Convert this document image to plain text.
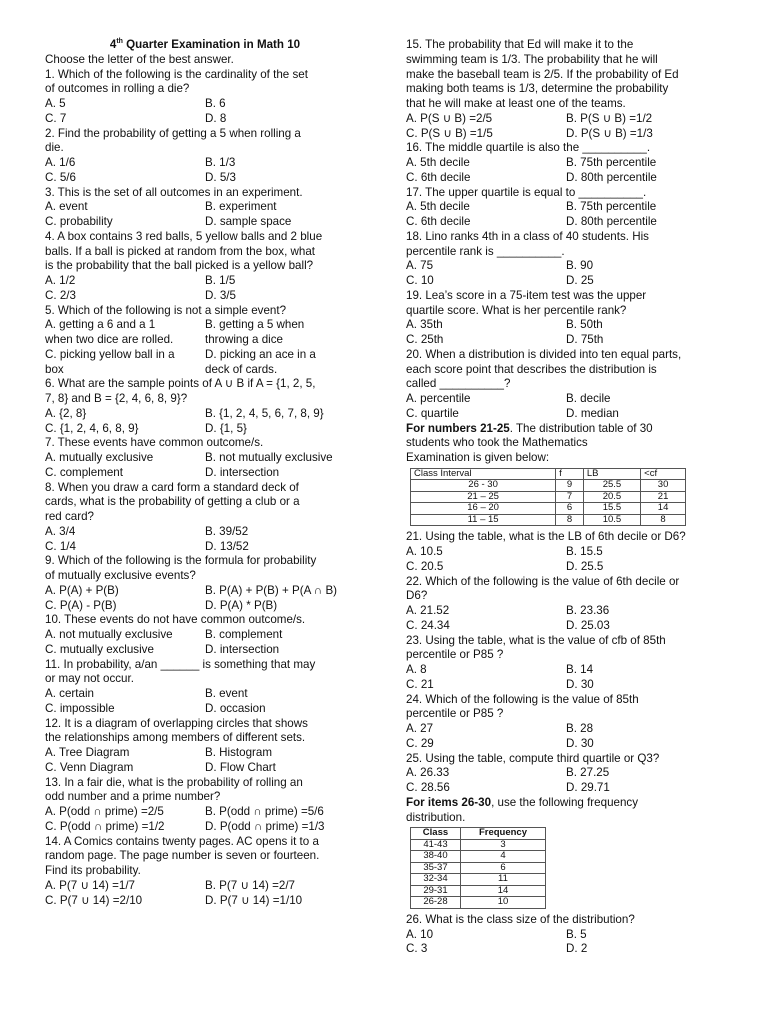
4th Quarter Examination in Math 10
Choose the letter of the best answer.
1. Which of the following is the cardinality of the set
of outcomes in rolling a die?
A. 5	B. 6
C. 7	D. 8
2. Find the probability of getting a 5 when rolling a
die.
A. 1/6	B. 1/3
C. 5/6	D. 5/3
3. This is the set of all outcomes in an experiment.
A. event	B. experiment
C. probability	D. sample space
4. A box contains 3 red balls, 5 yellow balls and 2 blue
balls. If a ball is picked at random from the box, what
is the probability that the ball picked is a yellow ball?
A. 1/2	B. 1/5
C. 2/3	D. 3/5
5. Which of the following is not a simple event?
A. getting a 6 and a 1	B. getting a 5 when
when two dice are rolled.	throwing a dice
C. picking yellow ball in a	D. picking an ace in a
box	deck of cards.
6. What are the sample points of A ∪ B if A = {1, 2, 5,
7, 8} and B = {2, 4, 6, 8, 9}?
A. {2, 8}	B. {1, 2, 4, 5, 6, 7, 8, 9}
C. {1, 2, 4, 6, 8, 9}	D. {1, 5}
7. These events have common outcome/s.
A. mutually exclusive	B. not mutually exclusive
C. complement	D. intersection
8. When you draw a card form a standard deck of
cards, what is the probability of getting a club or a
red card?
A. 3/4	B. 39/52
C. 1/4	D. 13/52
9. Which of the following is the formula for probability
of mutually exclusive events?
A. P(A) + P(B)	B. P(A) + P(B) + P(A ∩ B)
C. P(A) - P(B)	D. P(A) * P(B)
10. These events do not have common outcome/s.
A. not mutually exclusive	B. complement
C. mutually exclusive	D. intersection
11. In probability, a/an ______ is something that may
or may not occur.
A. certain	B. event
C. impossible	D. occasion
12. It is a diagram of overlapping circles that shows
the relationships among members of different sets.
A. Tree Diagram	B. Histogram
C. Venn Diagram	D. Flow Chart
13. In a fair die, what is the probability of rolling an
odd number and a prime number?
A. P(odd ∩ prime) =2/5	B. P(odd ∩ prime) =5/6
C. P(odd ∩ prime) =1/2	D. P(odd ∩ prime) =1/3
14. A Comics contains twenty pages. AC opens it to a
random page. The page number is seven or fourteen.
Find its probability.
A. P(7 ∪ 14) =1/7	B. P(7 ∪ 14) =2/7
C. P(7 ∪ 14) =2/10	D. P(7 ∪ 14) =1/10
15. The probability that Ed will make it to the
swimming team is 1/3. The probability that he will
make the baseball team is 2/5. If the probability of Ed
making both teams is 1/3, determine the probability
that he will make at least one of the teams.
A. P(S ∪ B) =2/5	B. P(S ∪ B) =1/2
C. P(S ∪ B) =1/5	D. P(S ∪ B) =1/3
16. The middle quartile is also the __________.
A. 5th decile	B. 75th percentile
C. 6th decile	D. 80th percentile
17. The upper quartile is equal to __________.
A. 5th decile	B. 75th percentile
C. 6th decile	D. 80th percentile
18. Lino ranks 4th in a class of 40 students. His
percentile rank is __________.
A. 75	B. 90
C. 10	D. 25
19. Lea’s score in a 75-item test was the upper
quartile score. What is her percentile rank?
A. 35th	B. 50th
C. 25th	D. 75th
20. When a distribution is divided into ten equal parts,
each score point that describes the distribution is
called __________?
A. percentile	B. decile
C. quartile	D. median
For numbers 21-25. The distribution table of 30
students who took the Mathematics
Examination is given below:
Class Interval	f	LB	<cf
26 - 30	9	25.5	30
21 – 25	7	20.5	21
16 – 20	6	15.5	14
11 – 15	8	10.5	8
21. Using the table, what is the LB of 6th decile or D6?
A. 10.5	B. 15.5
C. 20.5	D. 25.5
22. Which of the following is the value of 6th decile or
D6?
A. 21.52	B. 23.36
C. 24.34	D. 25.03
23. Using the table, what is the value of cfb of 85th
percentile or P85 ?
A. 8	B. 14
C. 21	D. 30
24. Which of the following is the value of 85th
percentile or P85 ?
A. 27	B. 28
C. 29	D. 30
25. Using the table, compute third quartile or Q3?
A. 26.33	B. 27.25
C. 28.56	D. 29.71
For items 26-30, use the following frequency
distribution.
Class	Frequency
41-43	3
38-40	4
35-37	6
32-34	11
29-31	14
26-28	10
26. What is the class size of the distribution?
A. 10	B. 5
C. 3	D. 2
